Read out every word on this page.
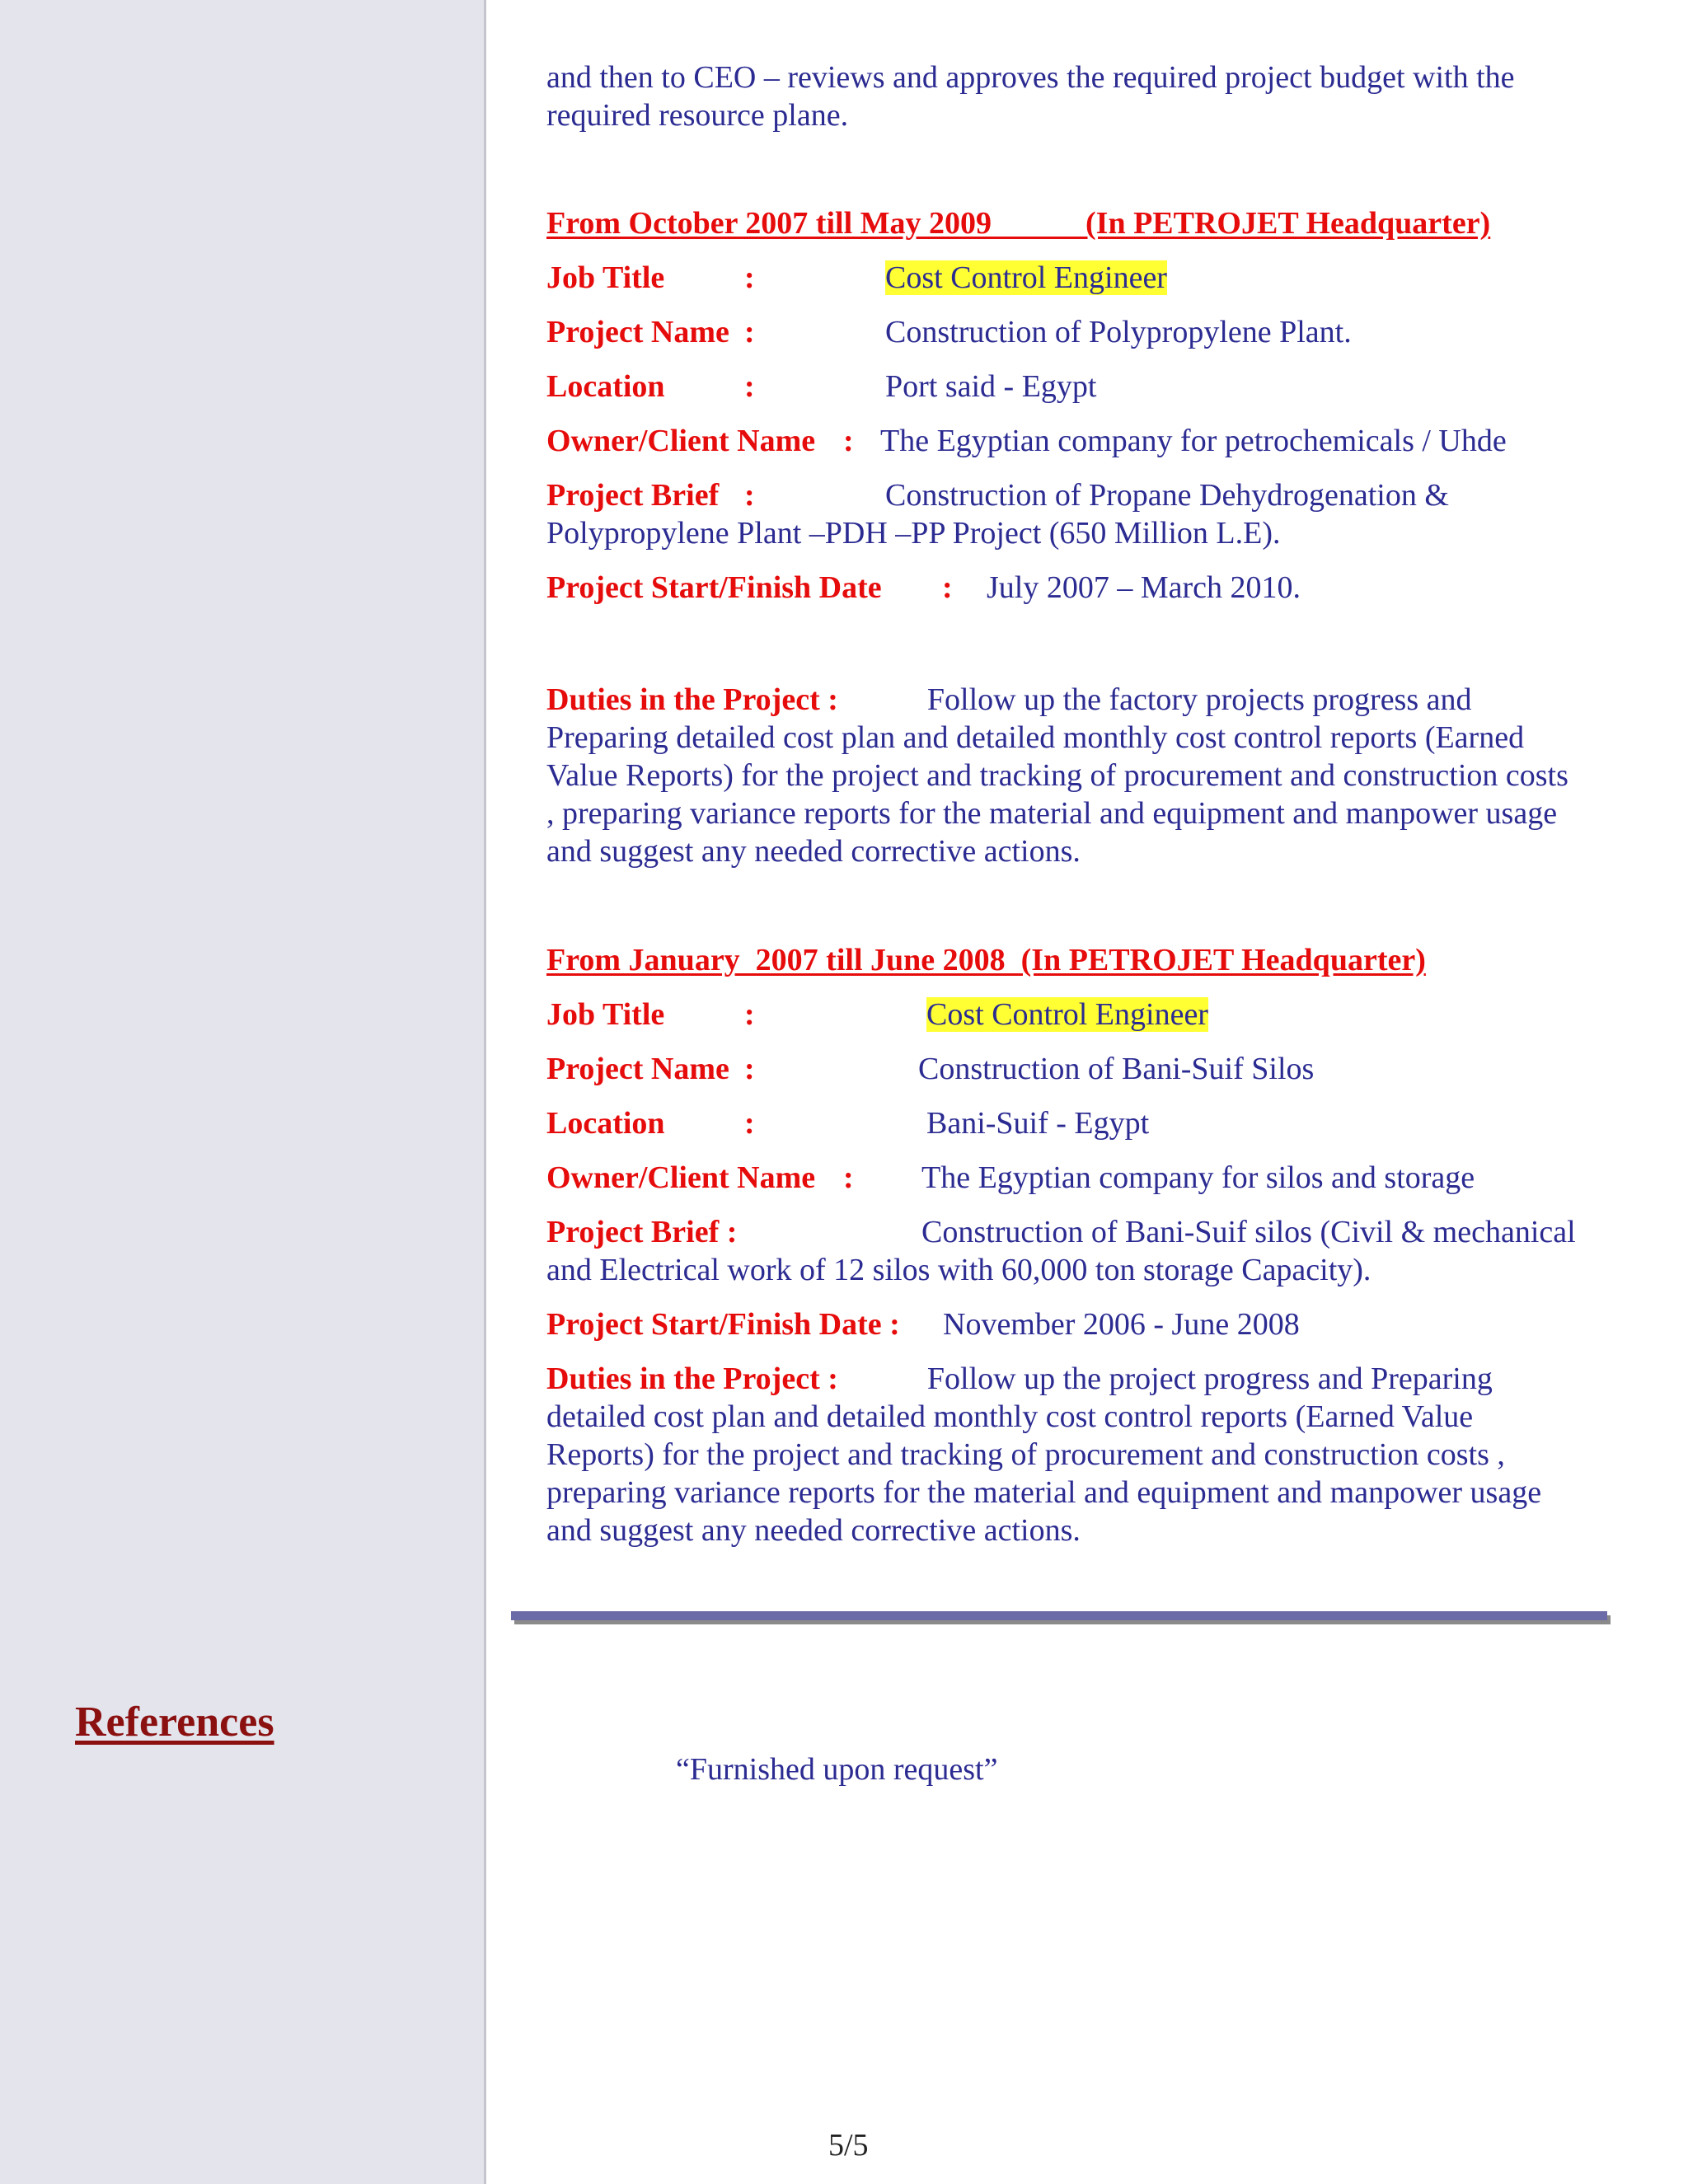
References
and then to CEO – reviews and approves the required project budget with the
required resource plane.
From October 2007 till May 2009            (In PETROJET Headquarter)
Job Title	:	Cost Control Engineer
Project Name :	Construction of Polypropylene Plant.
Location	:	Port said - Egypt
Owner/Client Name : The Egyptian company for petrochemicals / Uhde
Project Brief :	Construction of Propane Dehydrogenation &
Polypropylene Plant –PDH –PP Project (650 Million L.E).
Project Start/Finish Date : July 2007 – March 2010.
Duties in the Project :	Follow up the factory projects progress and
Preparing detailed cost plan and detailed monthly cost control reports (Earned
Value Reports) for the project and tracking of procurement and construction costs
, preparing variance reports for the material and equipment and manpower usage
and suggest any needed corrective actions.
From January  2007 till June 2008  (In PETROJET Headquarter)
Job Title	:	Cost Control Engineer
Project Name :	Construction of Bani-Suif Silos
Location	:	Bani-Suif - Egypt
Owner/Client Name : The Egyptian company for silos and storage
Project Brief :	Construction of Bani-Suif silos (Civil & mechanical
and Electrical work of 12 silos with 60,000 ton storage Capacity).
Project Start/Finish Date : November 2006 - June 2008
Duties in the Project :	Follow up the project progress and Preparing
detailed cost plan and detailed monthly cost control reports (Earned Value
Reports) for the project and tracking of procurement and construction costs ,
preparing variance reports for the material and equipment and manpower usage
and suggest any needed corrective actions.
“Furnished upon request”
5/5
